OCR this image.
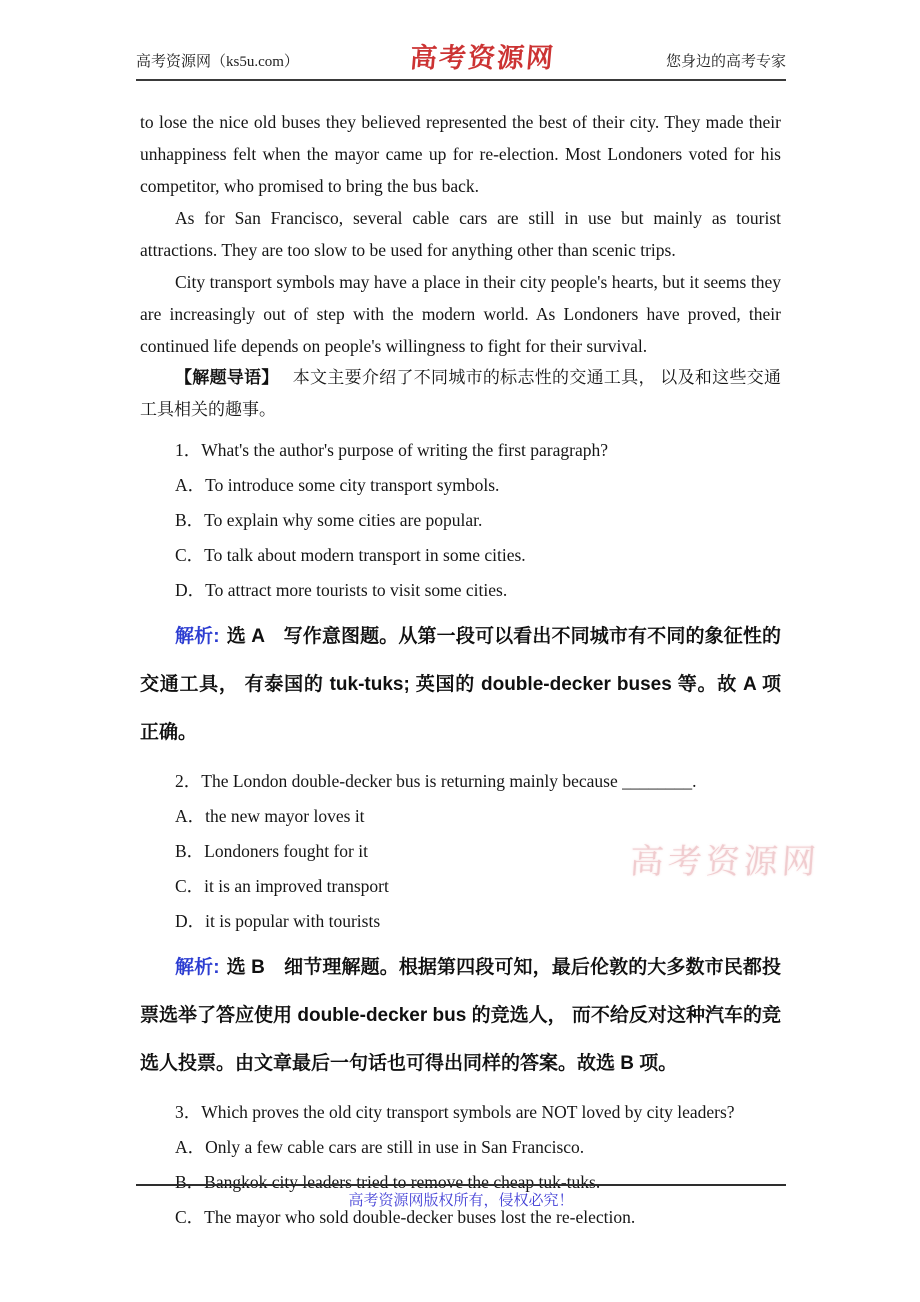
高考资源网（ks5u.com）	高考资源网	您身边的高考专家

to lose the nice old buses they believed represented the best of their city. They made their unhappiness felt when the mayor came up for re-election. Most Londoners voted for his competitor, who promised to bring the bus back.

As for San Francisco, several cable cars are still in use but mainly as tourist attractions. They are too slow to be used for anything other than scenic trips.

City transport symbols may have a place in their city people's hearts, but it seems they are increasingly out of step with the modern world. As Londoners have proved, their continued life depends on people's willingness to fight for their survival.

【解题导语】 本文主要介绍了不同城市的标志性的交通工具， 以及和这些交通工具相关的趣事。

1．What's the author's purpose of writing the first paragraph?

A．To introduce some city transport symbols.

B．To explain why some cities are popular.

C．To talk about modern transport in some cities.

D．To attract more tourists to visit some cities.

解析: 选 A　写作意图题。从第一段可以看出不同城市有不同的象征性的交通工具， 有泰国的 tuk-tuks; 英国的 double-decker buses 等。故 A 项正确。

2．The London double-decker bus is returning mainly because ________.

A．the new mayor loves it

B．Londoners fought for it

C．it is an improved transport

D．it is popular with tourists

解析: 选 B　细节理解题。根据第四段可知，最后伦敦的大多数市民都投票选举了答应使用 double-decker bus 的竞选人， 而不给反对这种汽车的竞选人投票。由文章最后一句话也可得出同样的答案。故选 B 项。

3．Which proves the old city transport symbols are NOT loved by city leaders?

A．Only a few cable cars are still in use in San Francisco.

B．Bangkok city leaders tried to remove the cheap tuk-tuks.

C．The mayor who sold double-decker buses lost the re-election.

高考资源网

高考资源网版权所有，侵权必究！
